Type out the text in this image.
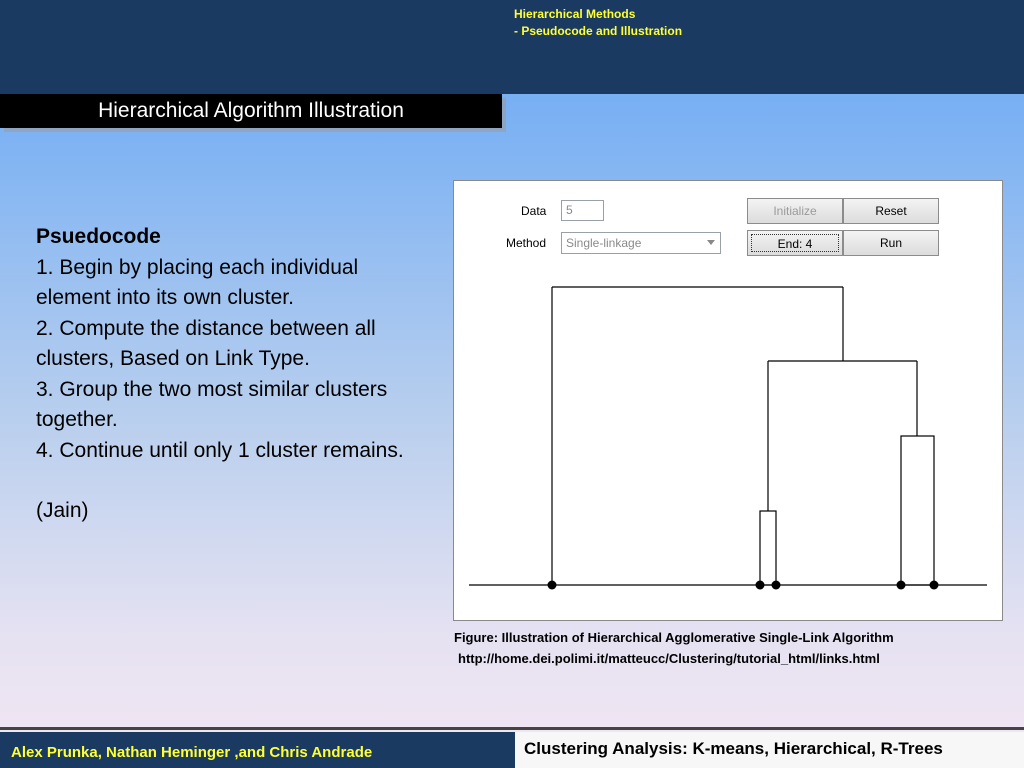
Hierarchical Methods
- Pseudocode and Illustration
Hierarchical Algorithm Illustration
Psuedocode
1. Begin by placing each individual element into its own cluster.
2. Compute the distance between all clusters, Based on Link Type.
3. Group the two most similar clusters together.
4. Continue until only 1 cluster remains.
(Jain)
Data	5
Method	Single-linkage
Initialize	Reset
End: 4	Run
Figure: Illustration of Hierarchical Agglomerative Single-Link Algorithm
http://home.dei.polimi.it/matteucc/Clustering/tutorial_html/links.html
Alex Prunka, Nathan Heminger ,and Chris Andrade	Clustering Analysis: K-means, Hierarchical, R-Trees
